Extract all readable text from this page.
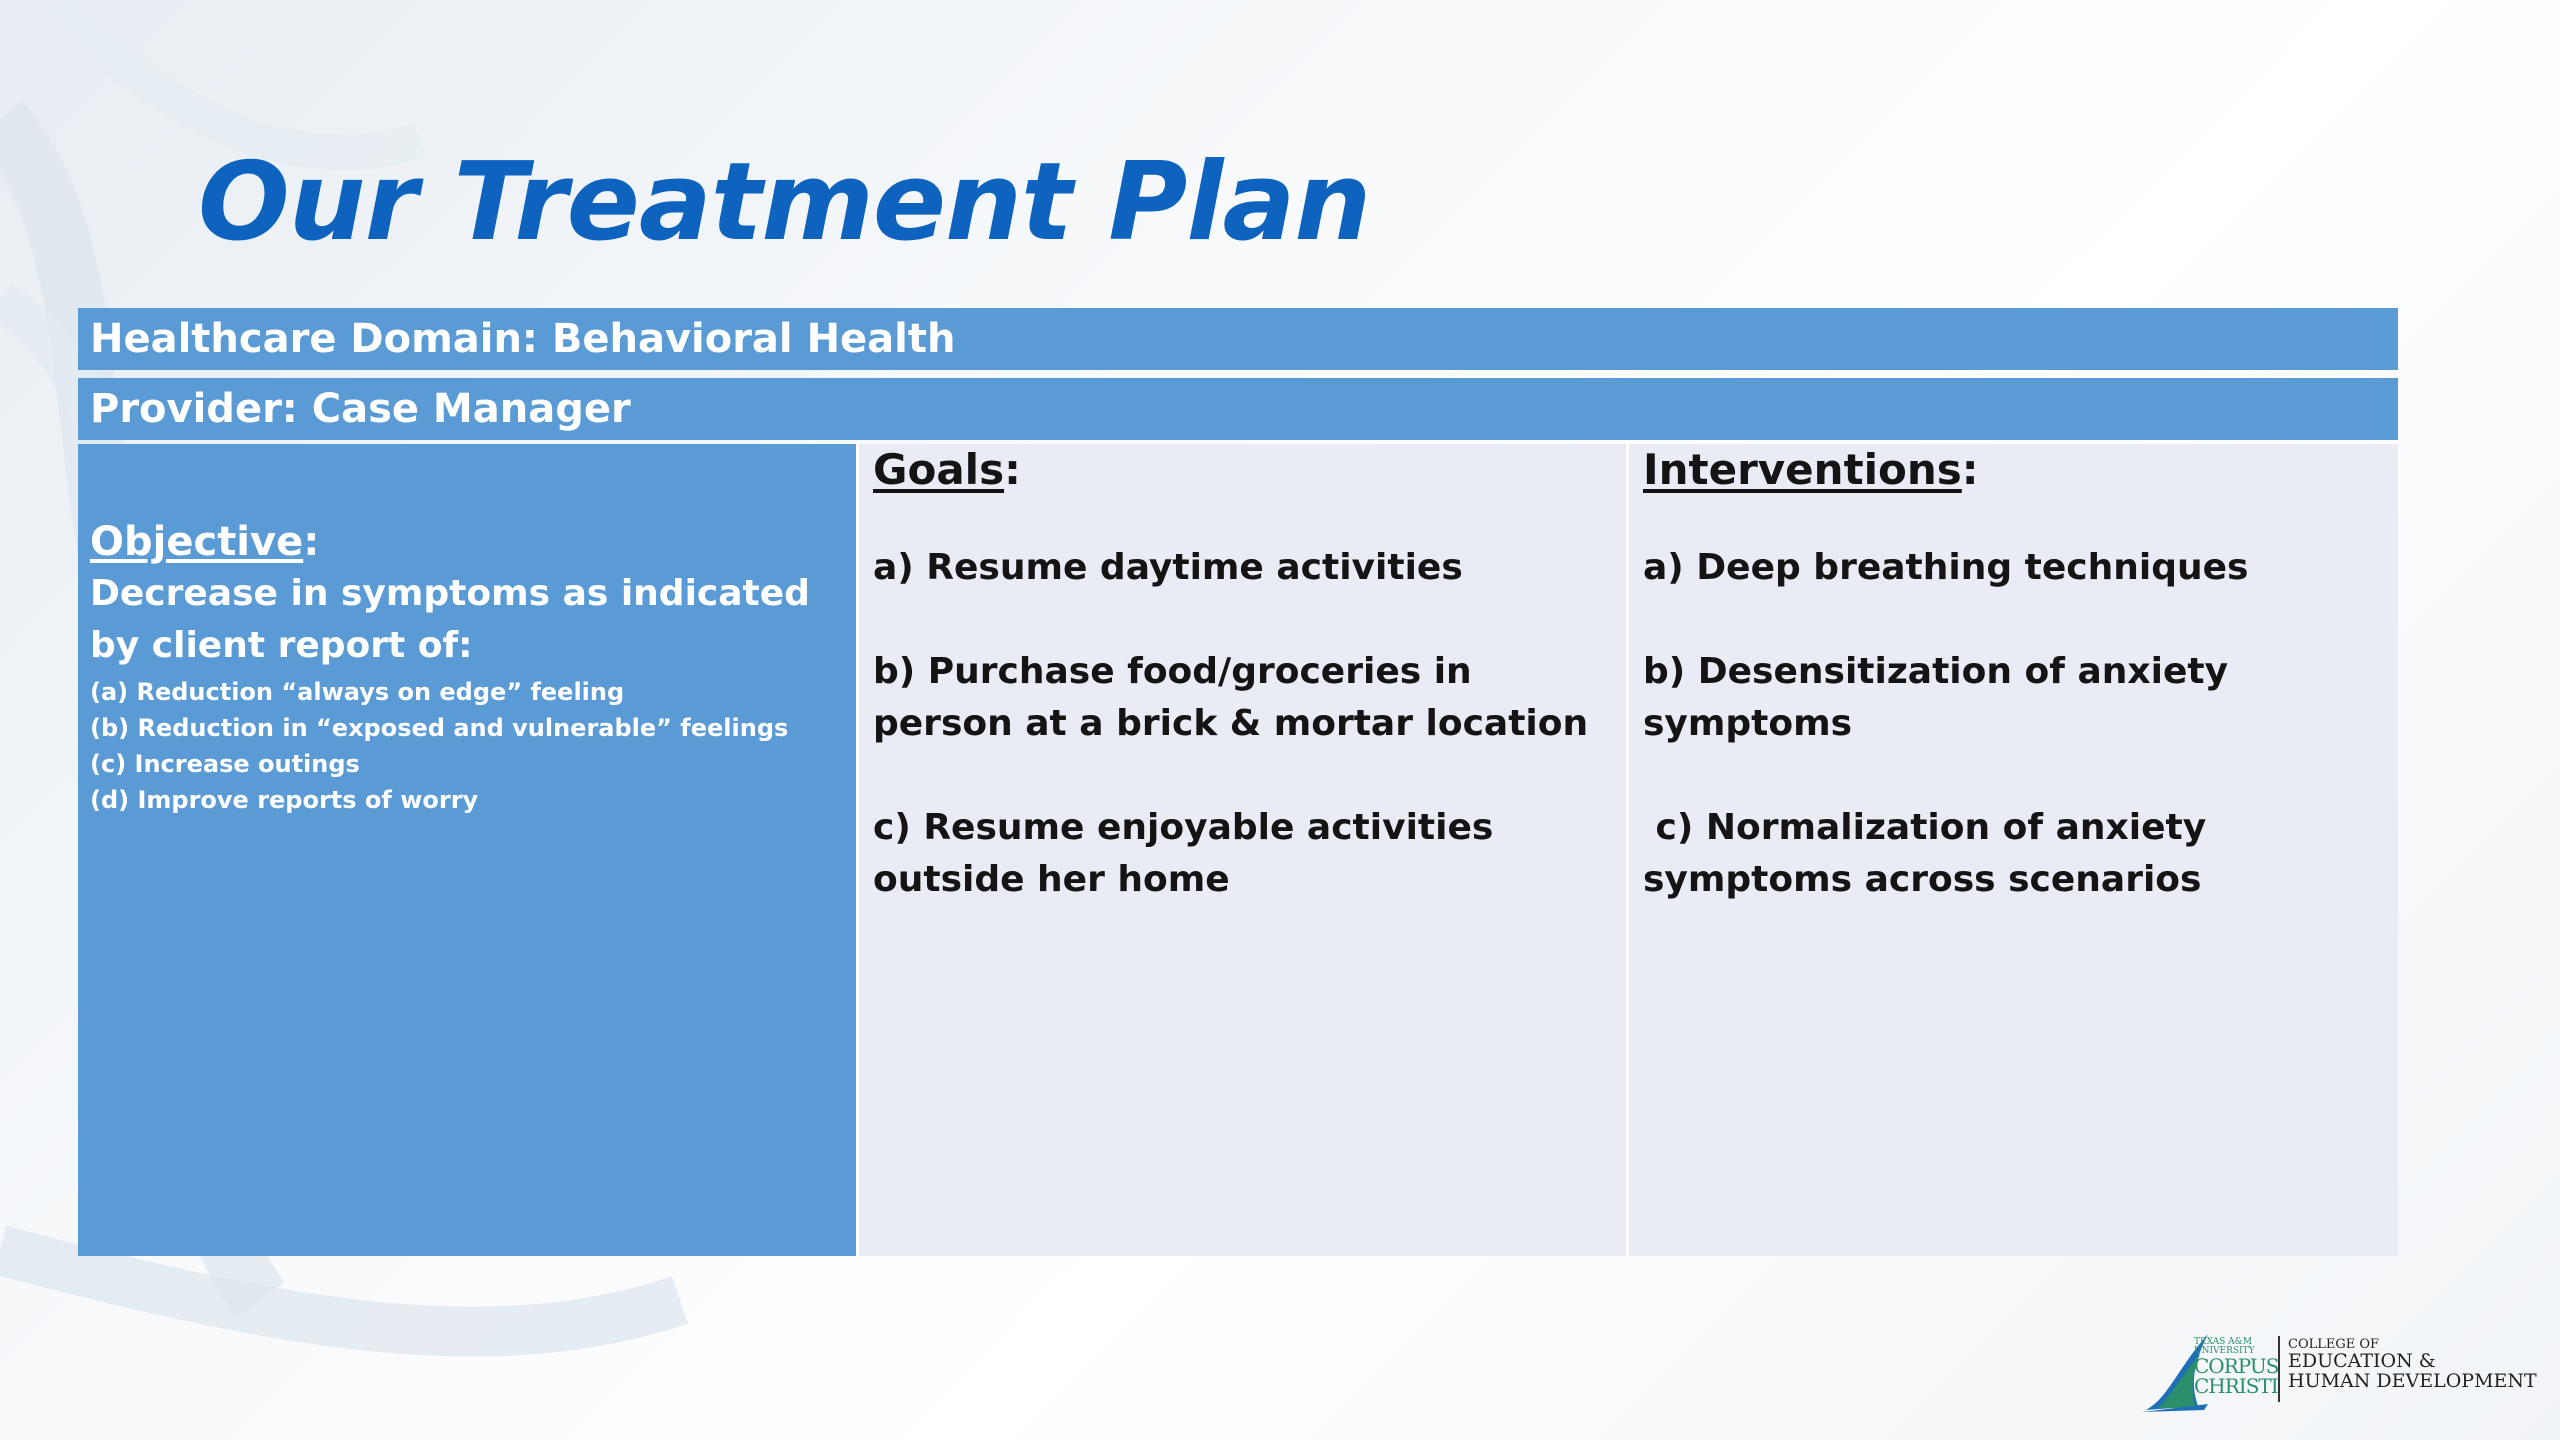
Our Treatment Plan
Healthcare Domain: Behavioral Health
Provider: Case Manager
Objective:
Decrease in symptoms as indicated by client report of:
(a) Reduction “always on edge” feeling
(b) Reduction in “exposed and vulnerable” feelings
(c) Increase outings
(d) Improve reports of worry
Goals:
a) Resume daytime activities
b) Purchase food/groceries in person at a brick & mortar location
c) Resume enjoyable activities outside her home
Interventions:
a) Deep breathing techniques
b) Desensitization of anxiety symptoms
c) Normalization of anxiety symptoms across scenarios
TEXAS A&M
UNIVERSITY
CORPUS
CHRISTI
COLLEGE OF
EDUCATION &
HUMAN DEVELOPMENT
